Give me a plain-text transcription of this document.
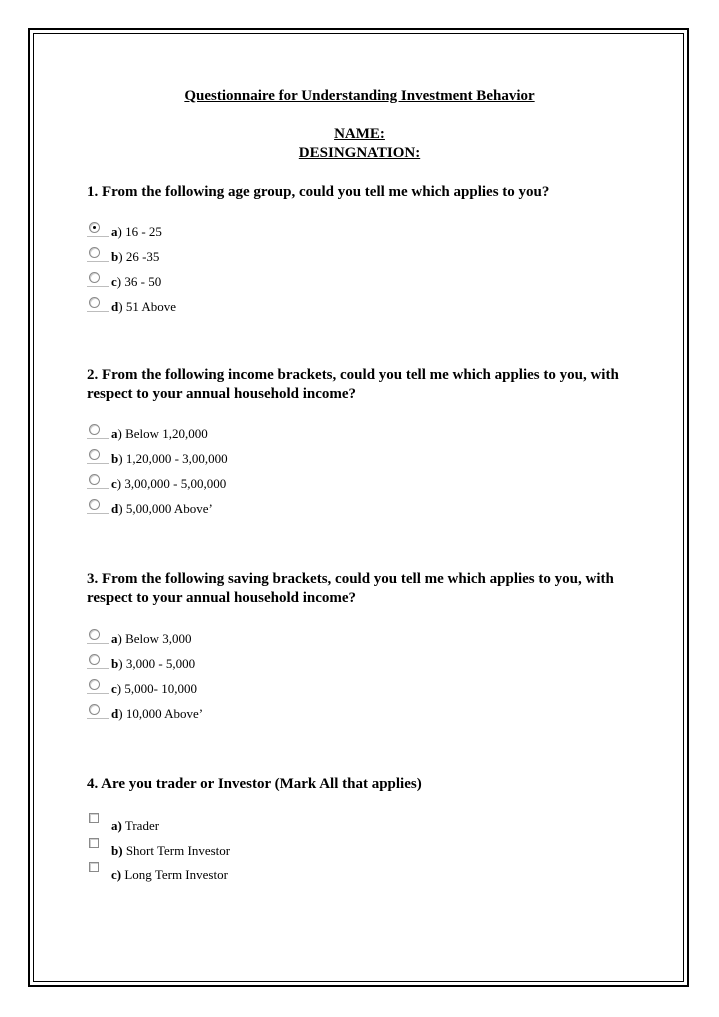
Questionnaire for Understanding Investment Behavior
NAME:
DESINGNATION:
1. From the following age group, could you tell me which applies to you?
a) 16 - 25
b) 26 -35
c) 36 - 50
d) 51 Above
2. From the following income brackets, could you tell me which applies to you, with respect to your annual household income?
a) Below 1,20,000
b) 1,20,000 - 3,00,000
c) 3,00,000 - 5,00,000
d) 5,00,000 Above’
3. From the following saving brackets, could you tell me which applies to you, with respect to your annual household income?
a) Below 3,000
b) 3,000 - 5,000
c) 5,000- 10,000
d) 10,000 Above’
4. Are you trader or Investor (Mark All that applies)
a) Trader
b) Short Term Investor
c) Long Term Investor
